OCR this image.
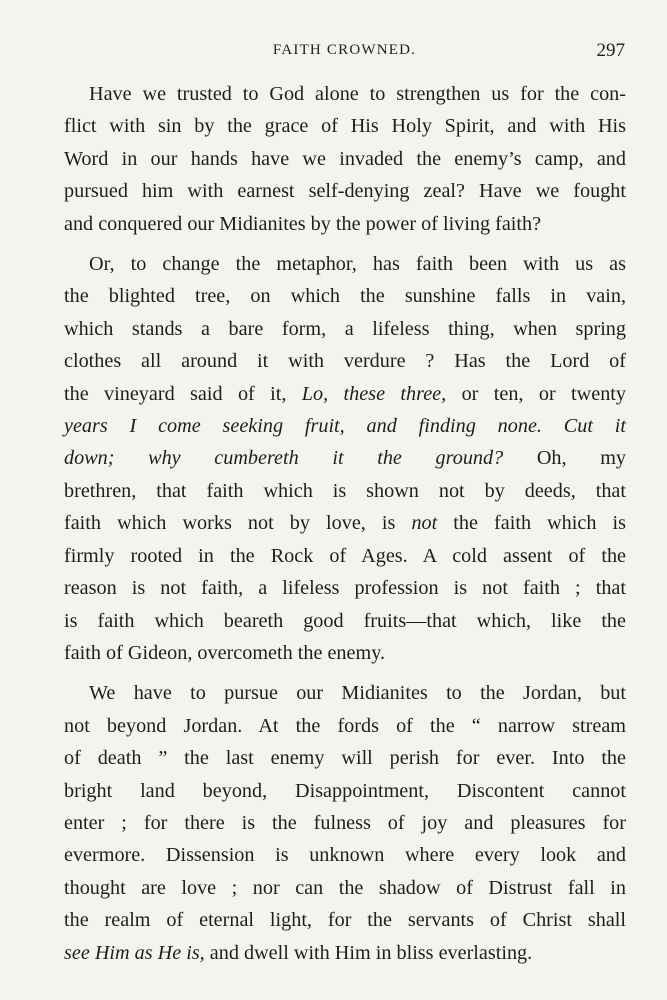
FAITH CROWNED.	297
Have we trusted to God alone to strengthen us for the con-
flict with sin by the grace of His Holy Spirit, and with His
Word in our hands have we invaded the enemy’s camp, and
pursued him with earnest self-denying zeal? Have we fought
and conquered our Midianites by the power of living faith?
Or, to change the metaphor, has faith been with us as
the blighted tree, on which the sunshine falls in vain,
which stands a bare form, a lifeless thing, when spring
clothes all around it with verdure ? Has the Lord of
the vineyard said of it, Lo, these three, or ten, or twenty
years I come seeking fruit, and finding none. Cut it
down; why cumbereth it the ground? Oh, my
brethren, that faith which is shown not by deeds, that
faith which works not by love, is not the faith which is
firmly rooted in the Rock of Ages. A cold assent of the
reason is not faith, a lifeless profession is not faith ; that
is faith which beareth good fruits—that which, like the
faith of Gideon, overcometh the enemy.
We have to pursue our Midianites to the Jordan, but
not beyond Jordan. At the fords of the “ narrow stream
of death ” the last enemy will perish for ever. Into the
bright land beyond, Disappointment, Discontent cannot
enter ; for there is the fulness of joy and pleasures for
evermore. Dissension is unknown where every look and
thought are love ; nor can the shadow of Distrust fall in
the realm of eternal light, for the servants of Christ shall
see Him as He is, and dwell with Him in bliss everlasting.
